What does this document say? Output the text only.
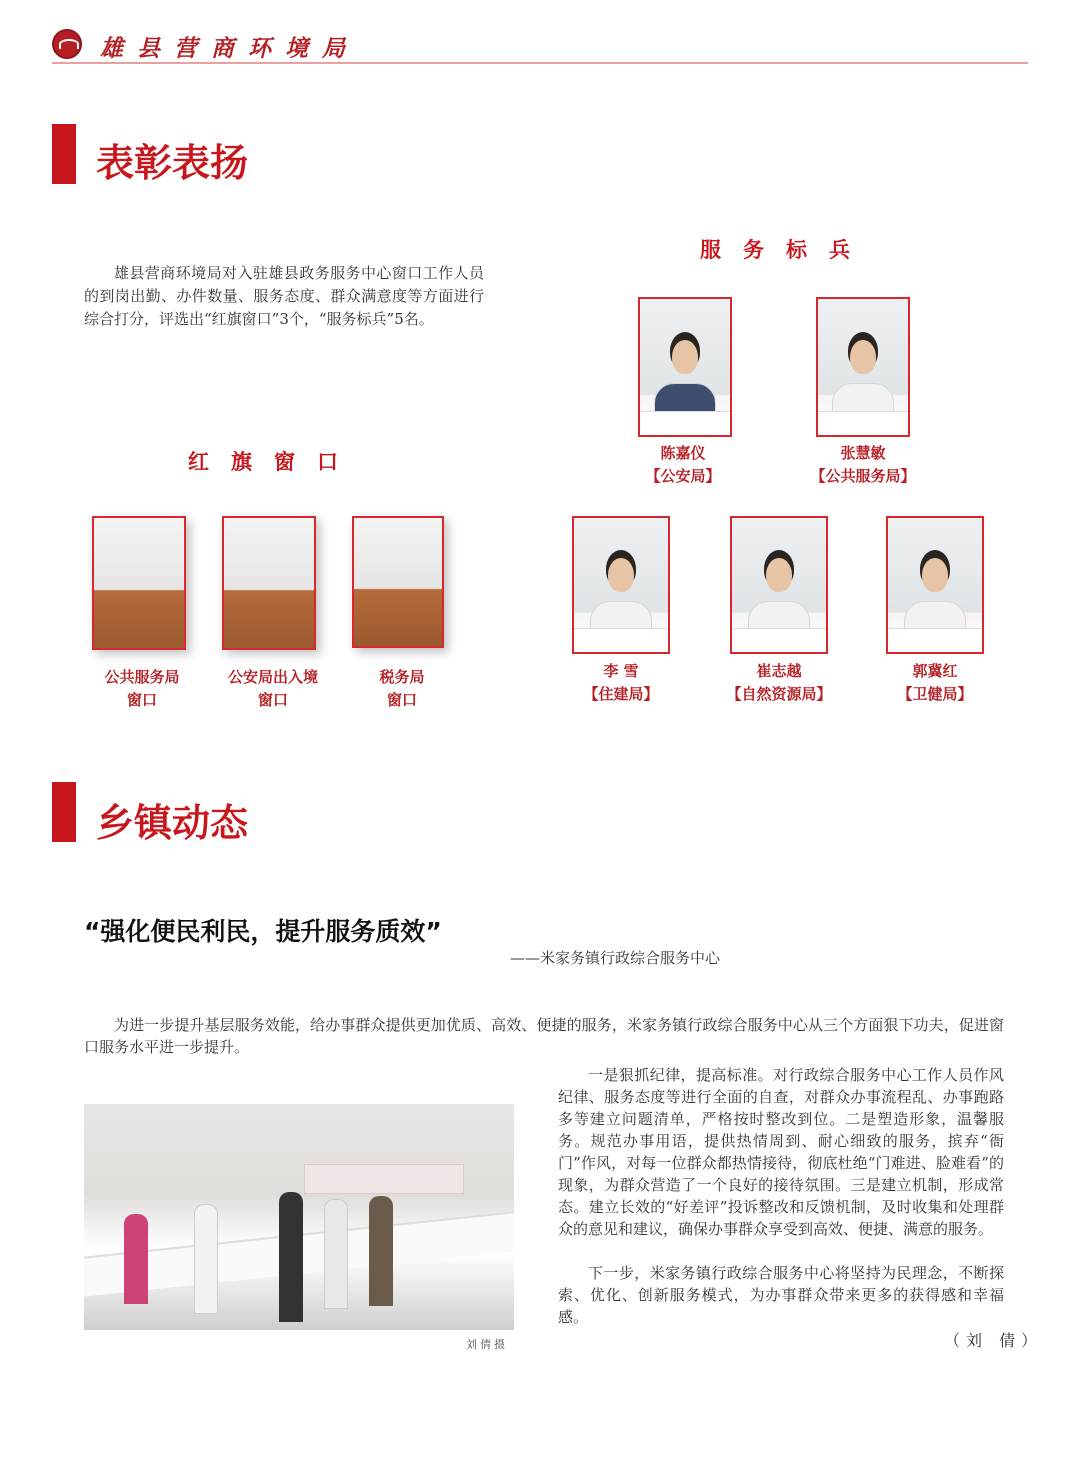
雄县营商环境局
表彰表扬
雄县营商环境局对入驻雄县政务服务中心窗口工作人员的到岗出勤、办件数量、服务态度、群众满意度等方面进行综合打分，评选出“红旗窗口”3个，“服务标兵”5名。
服务标兵
红旗窗口
公共服务局
窗口
公安局出入境
窗口
税务局
窗口
陈嘉仪
【公安局】
张慧敏
【公共服务局】
李 雪
【住建局】
崔志越
【自然资源局】
郭冀红
【卫健局】
乡镇动态
“强化便民利民，提升服务质效”
——米家务镇行政综合服务中心
为进一步提升基层服务效能，给办事群众提供更加优质、高效、便捷的服务，米家务镇行政综合服务中心从三个方面狠下功夫，促进窗口服务水平进一步提升。
刘倩摄
一是狠抓纪律，提高标准。对行政综合服务中心工作人员作风纪律、服务态度等进行全面的自查，对群众办事流程乱、办事跑路多等建立问题清单，严格按时整改到位。二是塑造形象，温馨服务。规范办事用语，提供热情周到、耐心细致的服务，摈弃“衙门”作风，对每一位群众都热情接待，彻底杜绝“门难进、脸难看”的现象，为群众营造了一个良好的接待氛围。三是建立机制，形成常态。建立长效的“好差评”投诉整改和反馈机制，及时收集和处理群众的意见和建议，确保办事群众享受到高效、便捷、满意的服务。
下一步，米家务镇行政综合服务中心将坚持为民理念，不断探索、优化、创新服务模式，为办事群众带来更多的获得感和幸福感。
（刘 倩）
